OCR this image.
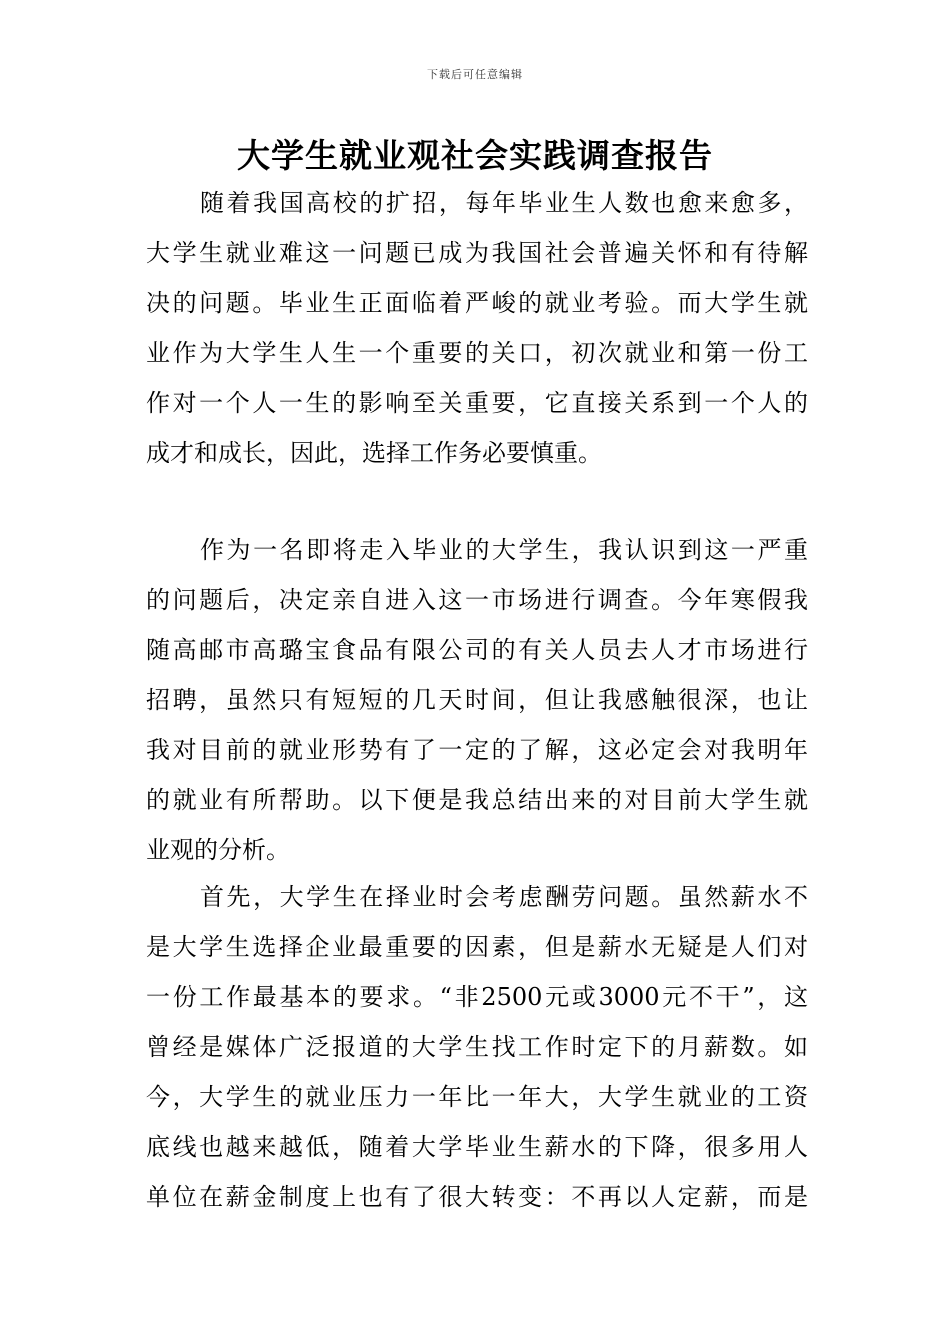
下载后可任意编辑
大学生就业观社会实践调查报告
随着我国高校的扩招，每年毕业生人数也愈来愈多，
大学生就业难这一问题已成为我国社会普遍关怀和有待解
决的问题。毕业生正面临着严峻的就业考验。而大学生就
业作为大学生人生一个重要的关口，初次就业和第一份工
作对一个人一生的影响至关重要，它直接关系到一个人的
成才和成长，因此，选择工作务必要慎重。
作为一名即将走入毕业的大学生，我认识到这一严重
的问题后，决定亲自进入这一市场进行调查。今年寒假我
随高邮市高璐宝食品有限公司的有关人员去人才市场进行
招聘，虽然只有短短的几天时间，但让我感触很深，也让
我对目前的就业形势有了一定的了解，这必定会对我明年
的就业有所帮助。以下便是我总结出来的对目前大学生就
业观的分析。
首先，大学生在择业时会考虑酬劳问题。虽然薪水不
是大学生选择企业最重要的因素，但是薪水无疑是人们对
一份工作最基本的要求。“非2500元或3000元不干”，这
曾经是媒体广泛报道的大学生找工作时定下的月薪数。如
今，大学生的就业压力一年比一年大，大学生就业的工资
底线也越来越低，随着大学毕业生薪水的下降，很多用人
单位在薪金制度上也有了很大转变：不再以人定薪，而是
